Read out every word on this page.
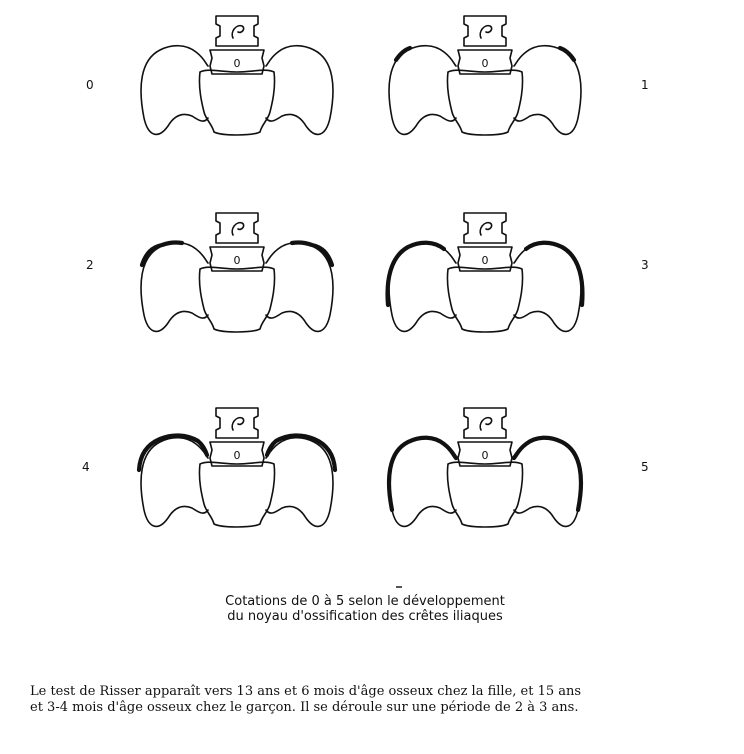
0	1
2	3
4	5
0	0
0	0
0	0
Cotations de 0 à 5 selon le développement
du noyau d'ossification des crêtes iliaques
Le test de Risser apparaît vers 13 ans et 6 mois d'âge osseux chez la fille, et 15 ans
et 3-4 mois d'âge osseux chez le garçon. Il se déroule sur une période de 2 à 3 ans.
